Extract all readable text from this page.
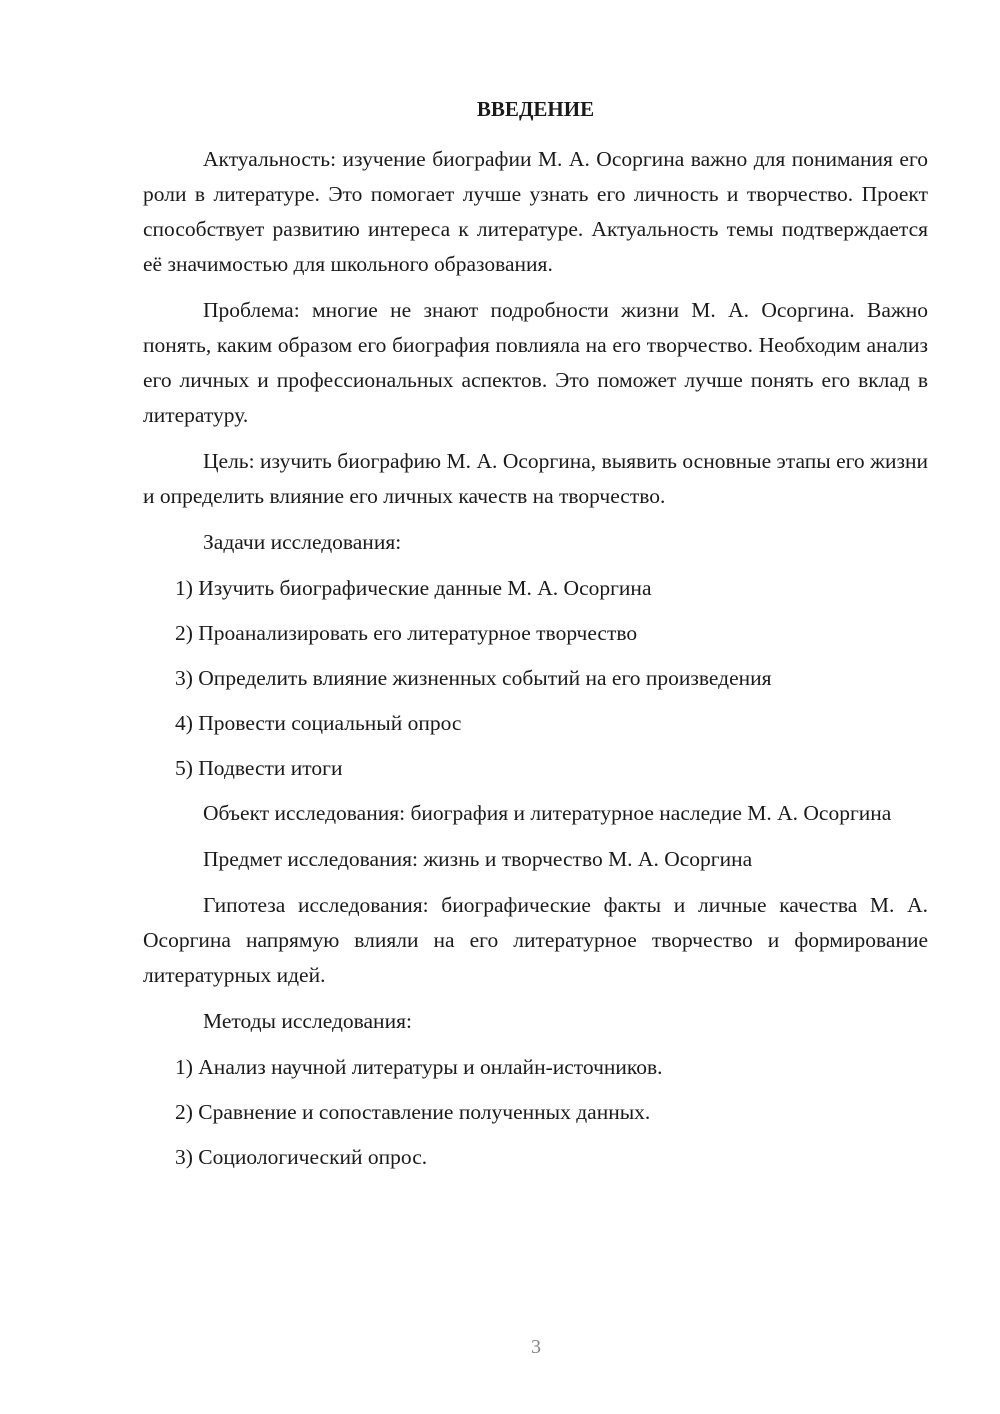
ВВЕДЕНИЕ

Актуальность: изучение биографии М. А. Осоргина важно для понимания его роли в литературе. Это помогает лучше узнать его личность и творчество. Проект способствует развитию интереса к литературе. Актуальность темы подтверждается её значимостью для школьного образования.

Проблема: многие не знают подробности жизни М. А. Осоргина. Важно понять, каким образом его биография повлияла на его творчество. Необходим анализ его личных и профессиональных аспектов. Это поможет лучше понять его вклад в литературу.

Цель: изучить биографию М. А. Осоргина, выявить основные этапы его жизни и определить влияние его личных качеств на творчество.

Задачи исследования:

1) Изучить биографические данные М. А. Осоргина

2) Проанализировать его литературное творчество

3) Определить влияние жизненных событий на его произведения

4) Провести социальный опрос

5) Подвести итоги

Объект исследования: биография и литературное наследие М. А. Осоргина

Предмет исследования: жизнь и творчество М. А. Осоргина

Гипотеза исследования: биографические факты и личные качества М. А. Осоргина напрямую влияли на его литературное творчество и формирование литературных идей.

Методы исследования:

1) Анализ научной литературы и онлайн-источников.

2) Сравнение и сопоставление полученных данных.

3) Социологический опрос.

3
